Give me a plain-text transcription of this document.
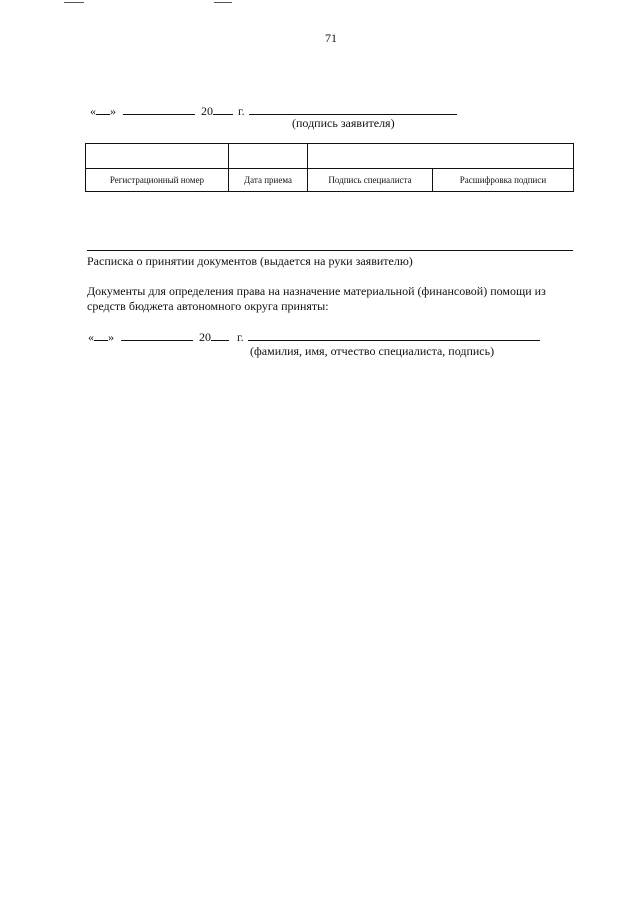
71
« »	20 г.
(подпись заявителя)

Регистрационный номер	Дата приема	Подпись специалиста	Расшифровка подписи
Расписка о принятии документов (выдается на руки заявителю)
Документы для определения права на назначение материальной (финансовой) помощи из средств бюджета автономного округа приняты:
« »	20 г.
(фамилия, имя, отчество специалиста, подпись)
